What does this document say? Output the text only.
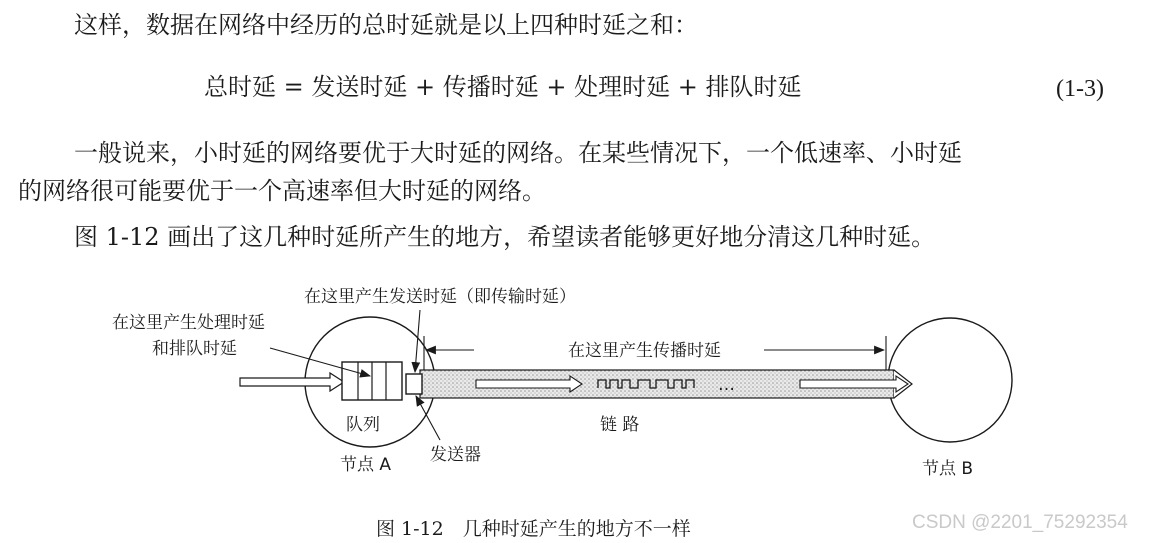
这样，数据在网络中经历的总时延就是以上四种时延之和：
总时延 = 发送时延 + 传播时延 + 处理时延 + 排队时延	(1-3)
一般说来，小时延的网络要优于大时延的网络。在某些情况下，一个低速率、小时延
的网络很可能要优于一个高速率但大时延的网络。
图 1-12 画出了这几种时延所产生的地方，希望读者能够更好地分清这几种时延。
…
在这里产生传播时延
在这里产生发送时延（即传输时延）
在这里产生处理时延
和排队时延
队列	链 路
发送器
节点 A	节点 B
图 1-12　几种时延产生的地方不一样	CSDN @2201_75292354
